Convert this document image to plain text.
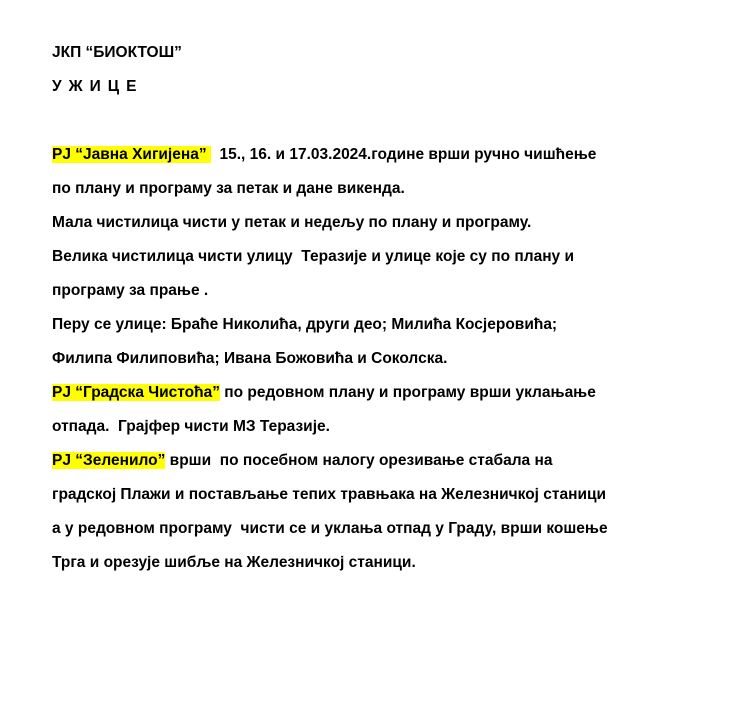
ЈКП “БИОКТОШ”
УЖИЦЕ
РЈ “Јавна Хигијена”   15., 16. и 17.03.2024.године врши ручно чишћење
по плану и програму за петак и дане викенда.
Мала чистилица чисти у петак и недељу по плану и програму.
Велика чистилица чисти улицу  Теразије и улице које су по плану и
програму за прање .
Перу се улице: Браће Николића, други део; Милића Косјеровића;
Филипа Филиповића; Ивана Божовића и Соколска.
РЈ “Градска Чистоћа” по редовном плану и програму врши уклањање
отпада.  Грајфер чисти МЗ Теразије.
РЈ “Зеленило” врши  по посебном налогу орезивање стабала на
градској Плажи и постављање тепих травњака на Железничкој станици
а у редовном програму  чисти се и уклања отпад у Граду, врши кошење
Трга и орезује шибље на Железничкој станици.
